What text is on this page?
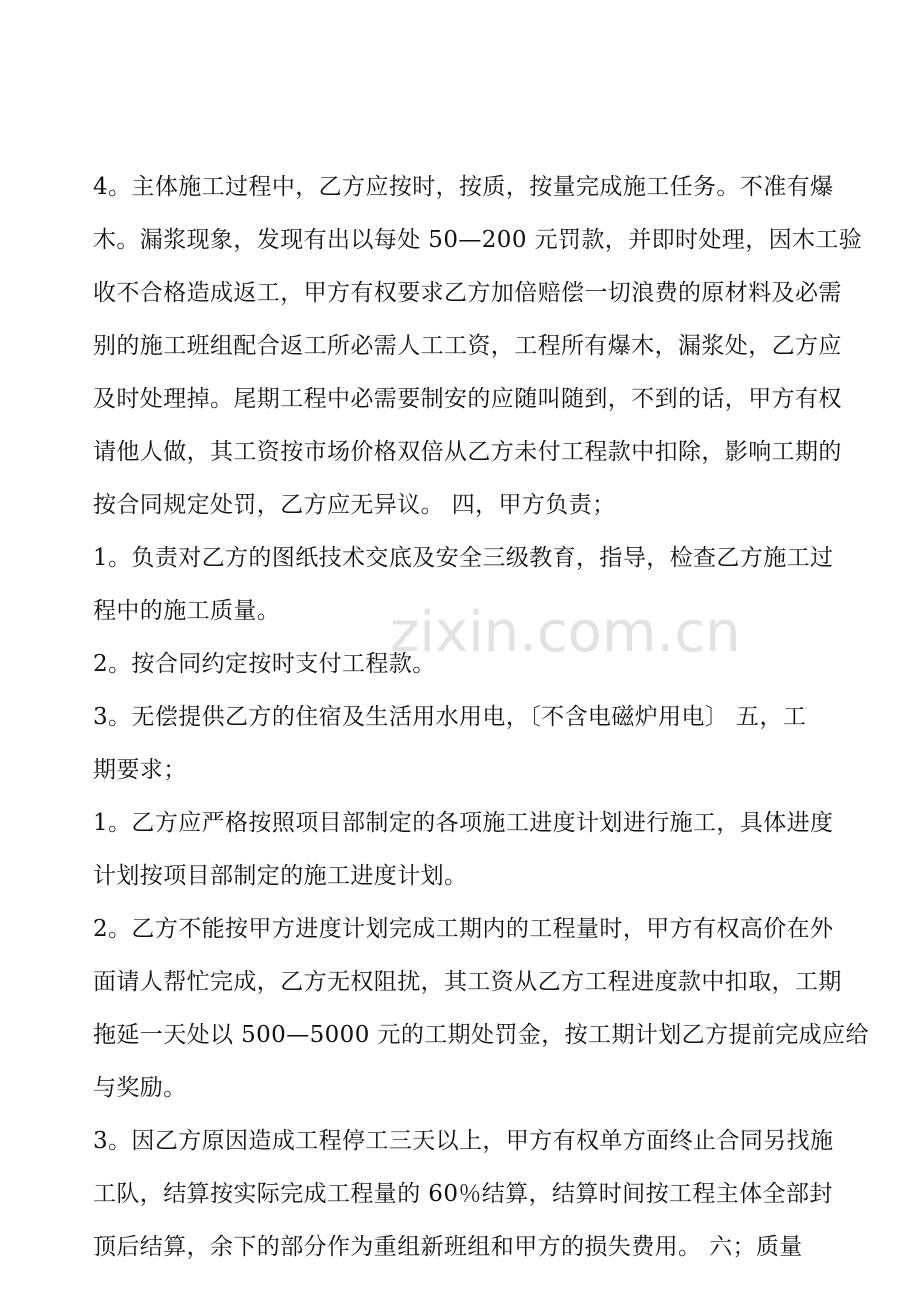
4。主体施工过程中，乙方应按时，按质，按量完成施工任务。不准有爆
木。漏浆现象，发现有出以每处 50—200 元罚款，并即时处理，因木工验
收不合格造成返工，甲方有权要求乙方加倍赔偿一切浪费的原材料及必需
别的施工班组配合返工所必需人工工资，工程所有爆木，漏浆处，乙方应
及时处理掉。尾期工程中必需要制安的应随叫随到，不到的话，甲方有权
请他人做，其工资按市场价格双倍从乙方未付工程款中扣除，影响工期的
按合同规定处罚，乙方应无异议。 四，甲方负责；
1。负责对乙方的图纸技术交底及安全三级教育，指导，检查乙方施工过
程中的施工质量。
2。按合同约定按时支付工程款。
3。无偿提供乙方的住宿及生活用水用电，〔不含电磁炉用电〕 五，工
期要求；
1。乙方应严格按照项目部制定的各项施工进度计划进行施工，具体进度
计划按项目部制定的施工进度计划。
2。乙方不能按甲方进度计划完成工期内的工程量时，甲方有权高价在外
面请人帮忙完成，乙方无权阻扰，其工资从乙方工程进度款中扣取，工期
拖延一天处以 500—5000 元的工期处罚金，按工期计划乙方提前完成应给
与奖励。
3。因乙方原因造成工程停工三天以上，甲方有权单方面终止合同另找施
工队，结算按实际完成工程量的 60％结算，结算时间按工程主体全部封
顶后结算，余下的部分作为重组新班组和甲方的损失费用。 六；质量
zixin.com.cn
